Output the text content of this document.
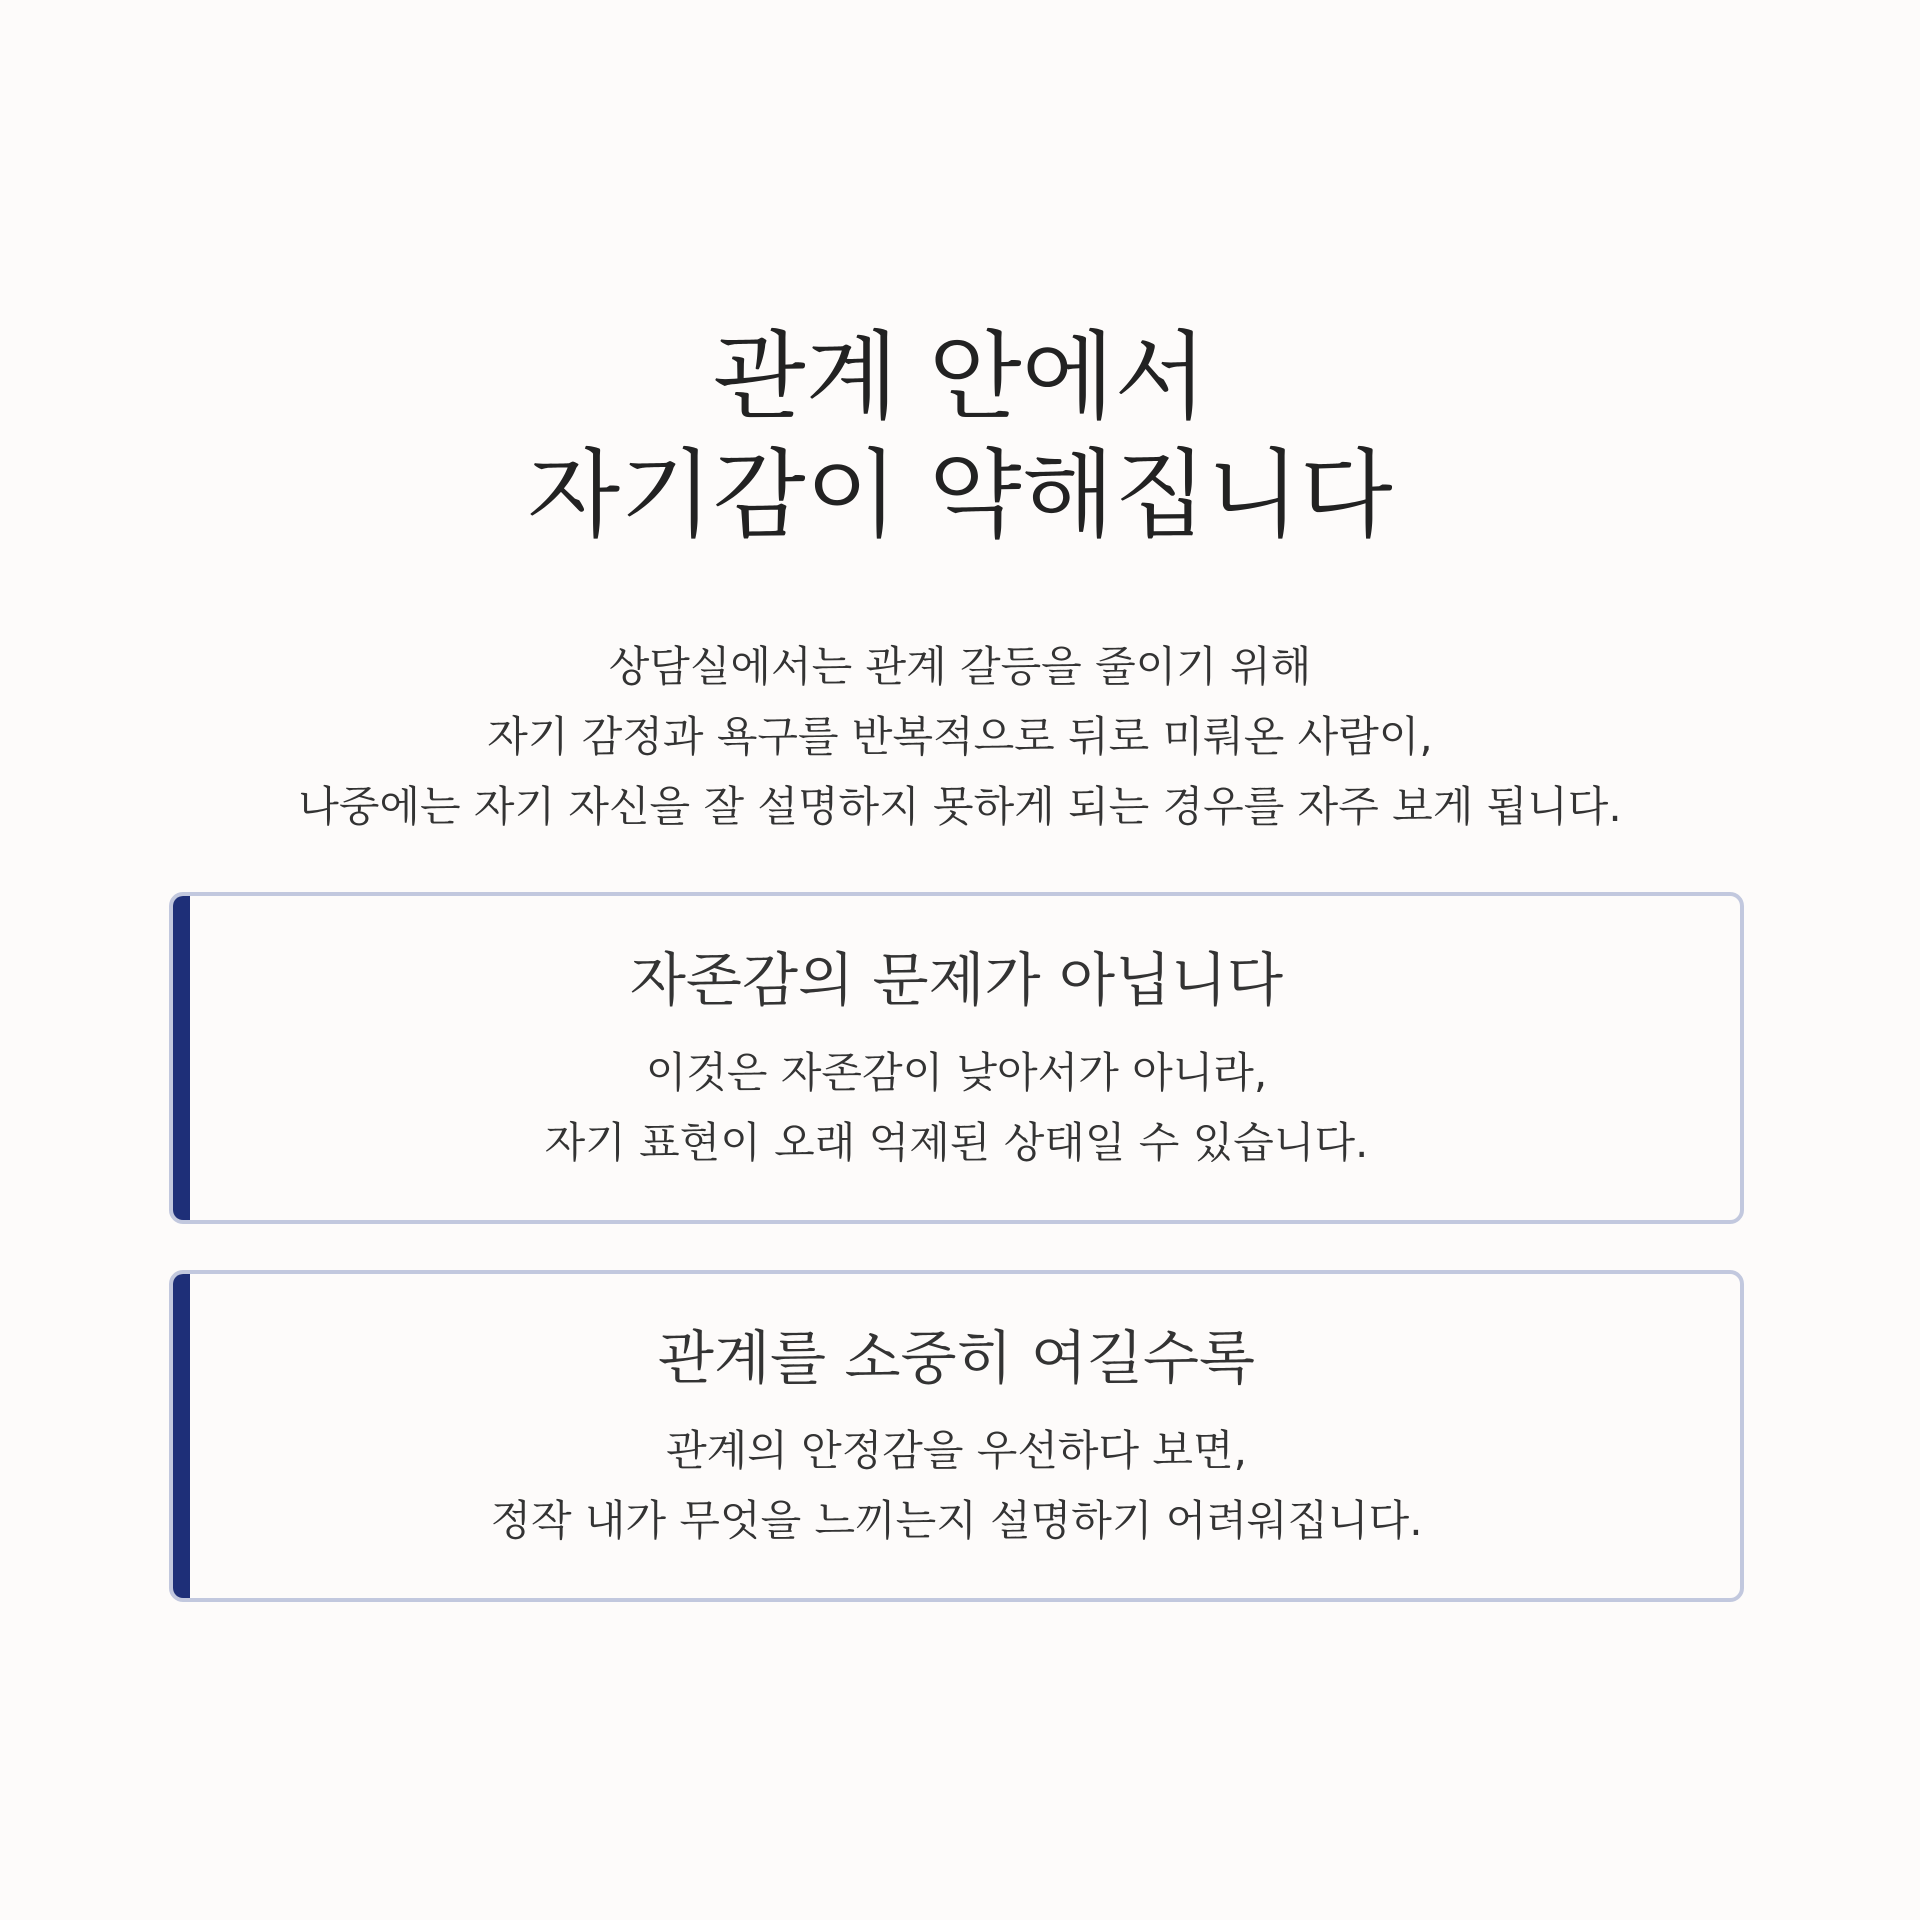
관계 안에서
자기감이 약해집니다

상담실에서는 관계 갈등을 줄이기 위해
자기 감정과 욕구를 반복적으로 뒤로 미뤄온 사람이,
나중에는 자기 자신을 잘 설명하지 못하게 되는 경우를 자주 보게 됩니다.

자존감의 문제가 아닙니다

이것은 자존감이 낮아서가 아니라,
자기 표현이 오래 억제된 상태일 수 있습니다.

관계를 소중히 여길수록

관계의 안정감을 우선하다 보면,
정작 내가 무엇을 느끼는지 설명하기 어려워집니다.
